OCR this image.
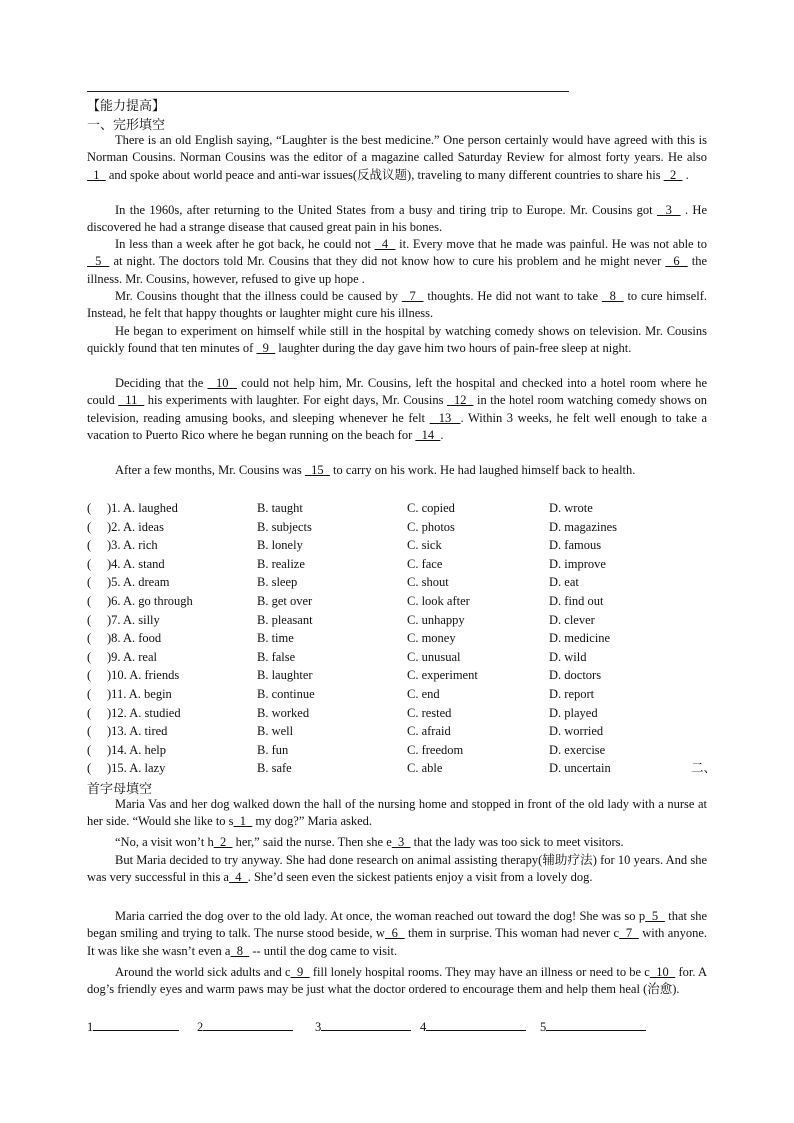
【能力提高】
一、完形填空

There is an old English saying, “Laughter is the best medicine.” One person certainly would have agreed with this is Norman Cousins. Norman Cousins was the editor of a magazine called Saturday Review for almost forty years. He also   1   and spoke about world peace and anti-war issues(反战议题), traveling to many different countries to share his   2   .

In the 1960s, after returning to the United States from a busy and tiring trip to Europe. Mr. Cousins got   3   . He discovered he had a strange disease that caused great pain in his bones.

In less than a week after he got back, he could not   4   it. Every move that he made was painful. He was not able to   5   at night. The doctors told Mr. Cousins that they did not know how to cure his problem and he might never   6   the illness. Mr. Cousins, however, refused to give up hope .

Mr. Cousins thought that the illness could be caused by   7   thoughts. He did not want to take   8   to cure himself. Instead, he felt that happy thoughts or laughter might cure his illness.

He began to experiment on himself while still in the hospital by watching comedy shows on television. Mr. Cousins quickly found that ten minutes of   9   laughter during the day gave him two hours of pain-free sleep at night.

Deciding that the   10   could not help him, Mr. Cousins, left the hospital and checked into a hotel room where he could   11   his experiments with laughter. For eight days, Mr. Cousins   12   in the hotel room watching comedy shows on television, reading amusing books, and sleeping whenever he felt   13  . Within 3 weeks, he felt well enough to take a vacation to Puerto Rico where he began running on the beach for   14  .

After a few months, Mr. Cousins was   15   to carry on his work. He had laughed himself back to health.

( )1. A. laughed	B. taught	C. copied	D. wrote
( )2. A. ideas	B. subjects	C. photos	D. magazines
( )3. A. rich	B. lonely	C. sick	D. famous
( )4. A. stand	B. realize	C. face	D. improve
( )5. A. dream	B. sleep	C. shout	D. eat
( )6. A. go through	B. get over	C. look after	D. find out
( )7. A. silly	B. pleasant	C. unhappy	D. clever
( )8. A. food	B. time	C. money	D. medicine
( )9. A. real	B. false	C. unusual	D. wild
( )10. A. friends	B. laughter	C. experiment	D. doctors
( )11. A. begin	B. continue	C. end	D. report
( )12. A. studied	B. worked	C. rested	D. played
( )13. A. tired	B. well	C. afraid	D. worried
( )14. A. help	B. fun	C. freedom	D. exercise
( )15. A. lazy	B. safe	C. able	D. uncertain	二、
首字母填空

Maria Vas and her dog walked down the hall of the nursing home and stopped in front of the old lady with a nurse at her side. “Would she like to s  1   my dog?” Maria asked.

“No, a visit won’t h  2   her,” said the nurse. Then she e  3   that the lady was too sick to meet visitors.

But Maria decided to try anyway. She had done research on animal assisting therapy(辅助疗法) for 10 years. And she was very successful in this a  4  . She’d seen even the sickest patients enjoy a visit from a lovely dog.

Maria carried the dog over to the old lady. At once, the woman reached out toward the dog! She was so p  5   that she began smiling and trying to talk. The nurse stood beside, w  6   them in surprise. This woman had never c  7   with anyone. It was like she wasn’t even a  8   -- until the dog came to visit.

Around the world sick adults and c  9   fill lonely hospital rooms. They may have an illness or need to be c  10   for. A dog’s friendly eyes and warm paws may be just what the doctor ordered to encourage them and help them heal (治愈).

1	2	3	4	5
